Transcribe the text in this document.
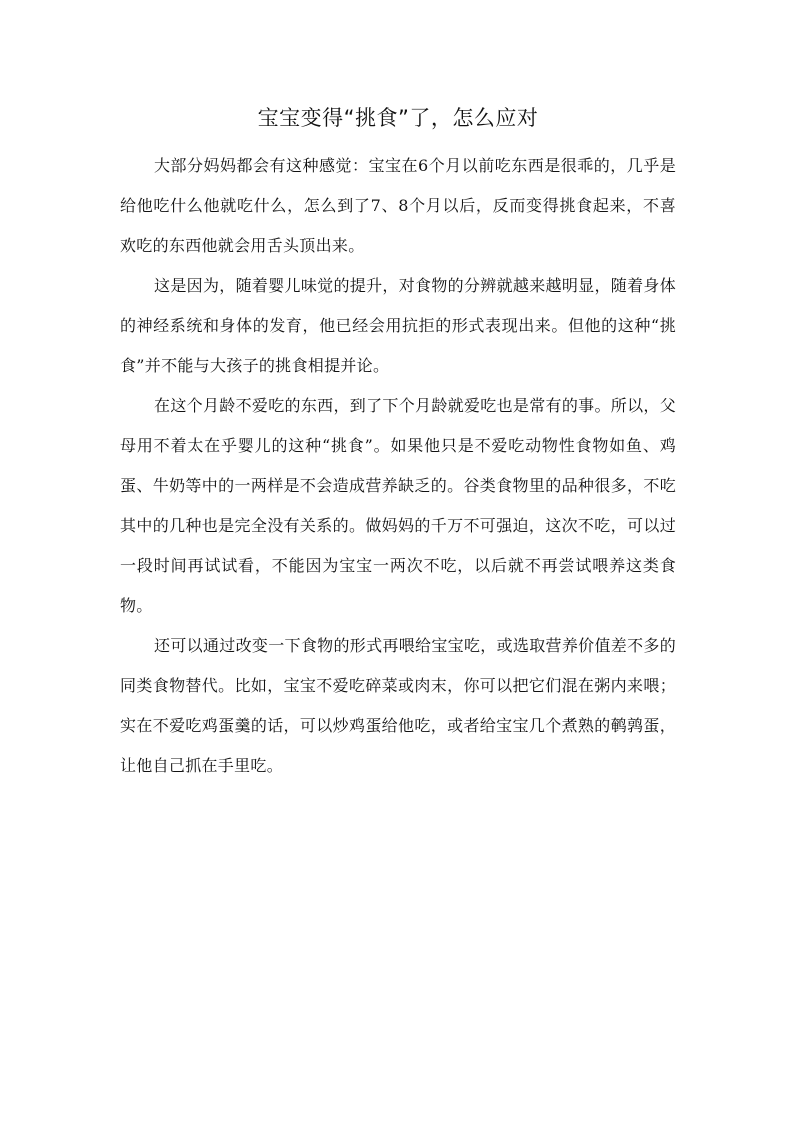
宝宝变得“挑食”了，怎么应对

大部分妈妈都会有这种感觉：宝宝在6个月以前吃东西是很乖的，几乎是给他吃什么他就吃什么，怎么到了7、8个月以后，反而变得挑食起来，不喜欢吃的东西他就会用舌头顶出来。

这是因为，随着婴儿味觉的提升，对食物的分辨就越来越明显，随着身体的神经系统和身体的发育，他已经会用抗拒的形式表现出来。但他的这种“挑食”并不能与大孩子的挑食相提并论。

在这个月龄不爱吃的东西，到了下个月龄就爱吃也是常有的事。所以，父母用不着太在乎婴儿的这种“挑食”。如果他只是不爱吃动物性食物如鱼、鸡蛋、牛奶等中的一两样是不会造成营养缺乏的。谷类食物里的品种很多，不吃其中的几种也是完全没有关系的。做妈妈的千万不可强迫，这次不吃，可以过一段时间再试试看，不能因为宝宝一两次不吃，以后就不再尝试喂养这类食物。

还可以通过改变一下食物的形式再喂给宝宝吃，或选取营养价值差不多的同类食物替代。比如，宝宝不爱吃碎菜或肉末，你可以把它们混在粥内来喂；实在不爱吃鸡蛋羹的话，可以炒鸡蛋给他吃，或者给宝宝几个煮熟的鹌鹑蛋，让他自己抓在手里吃。
